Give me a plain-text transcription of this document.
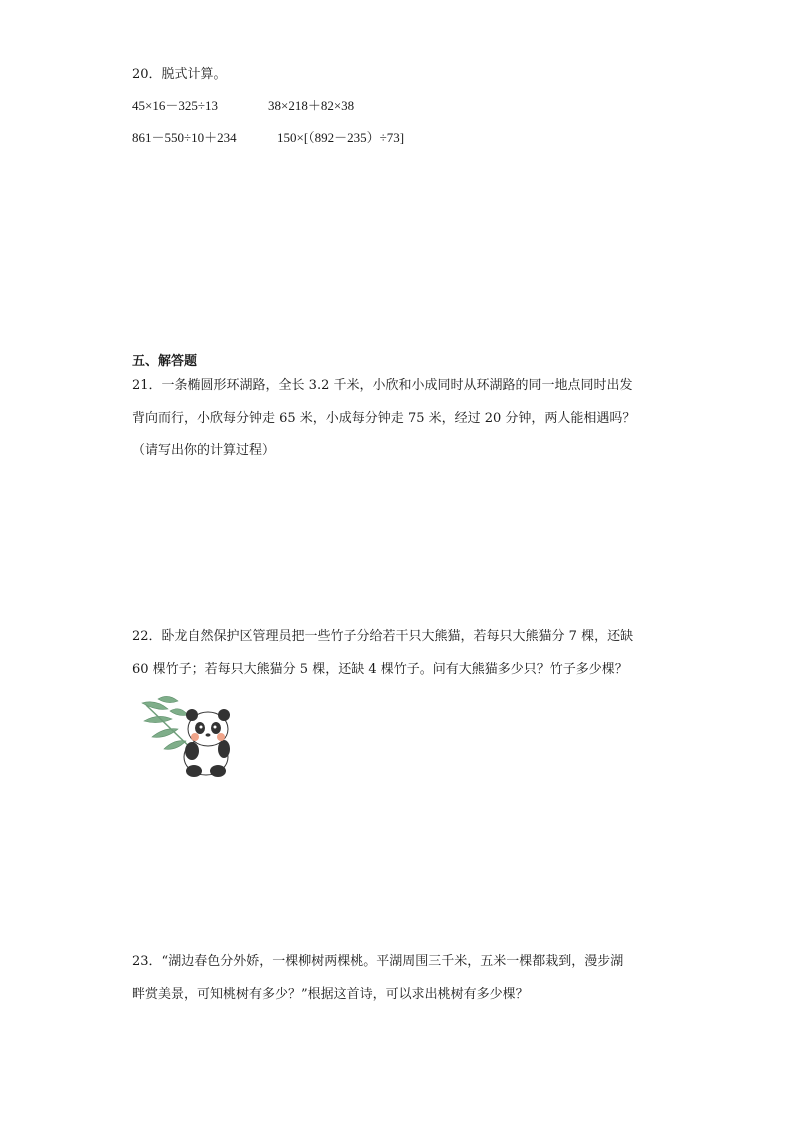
20．脱式计算。
45×16－325÷13	38×218＋82×38
861－550÷10＋234	150×[（892－235）÷73]
五、解答题
21．一条椭圆形环湖路，全长 3.2 千米，小欣和小成同时从环湖路的同一地点同时出发
背向而行，小欣每分钟走 65 米，小成每分钟走 75 米，经过 20 分钟，两人能相遇吗？
（请写出你的计算过程）
22．卧龙自然保护区管理员把一些竹子分给若干只大熊猫，若每只大熊猫分 7 棵，还缺
60 棵竹子；若每只大熊猫分 5 棵，还缺 4 棵竹子。问有大熊猫多少只？竹子多少棵？
23．“湖边春色分外娇，一棵柳树两棵桃。平湖周围三千米，五米一棵都栽到，漫步湖
畔赏美景，可知桃树有多少？”根据这首诗，可以求出桃树有多少棵？
